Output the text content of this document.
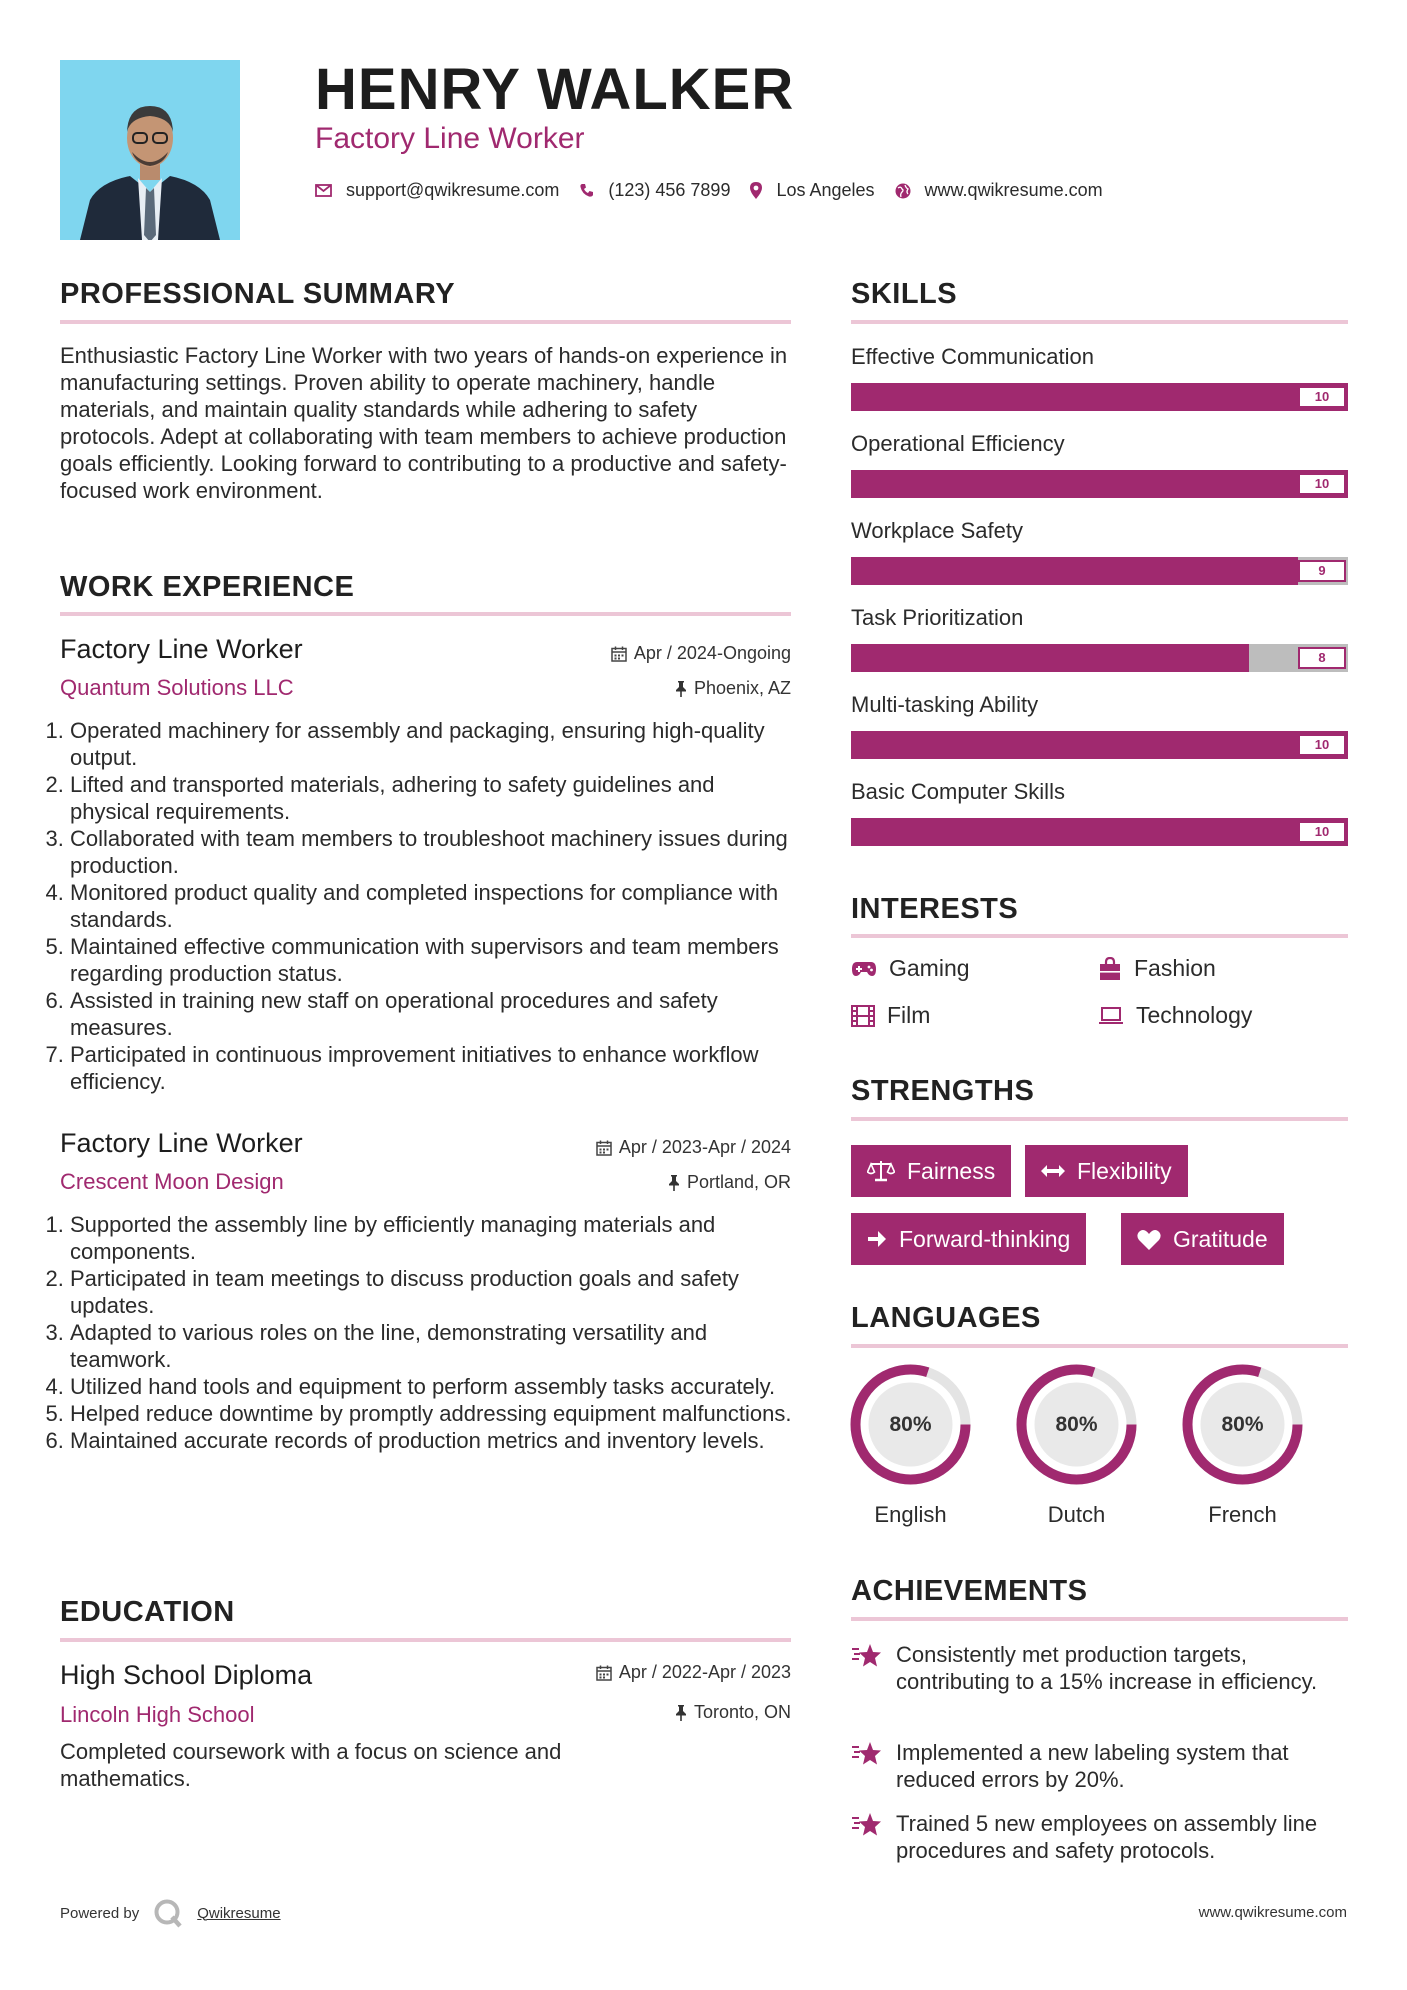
HENRY WALKER
Factory Line Worker
support@qwikresume.com	(123) 456 7899	Los Angeles	www.qwikresume.com
PROFESSIONAL SUMMARY
Enthusiastic Factory Line Worker with two years of hands-on experience in manufacturing settings. Proven ability to operate machinery, handle materials, and maintain quality standards while adhering to safety protocols. Adept at collaborating with team members to achieve production goals efficiently. Looking forward to contributing to a productive and safety-focused work environment.
WORK EXPERIENCE
Factory Line Worker	Apr / 2024-Ongoing
Quantum Solutions LLC	Phoenix, AZ
1. Operated machinery for assembly and packaging, ensuring high-quality output.
2. Lifted and transported materials, adhering to safety guidelines and physical requirements.
3. Collaborated with team members to troubleshoot machinery issues during production.
4. Monitored product quality and completed inspections for compliance with standards.
5. Maintained effective communication with supervisors and team members regarding production status.
6. Assisted in training new staff on operational procedures and safety measures.
7. Participated in continuous improvement initiatives to enhance workflow efficiency.
Factory Line Worker	Apr / 2023-Apr / 2024
Crescent Moon Design	Portland, OR
1. Supported the assembly line by efficiently managing materials and components.
2. Participated in team meetings to discuss production goals and safety updates.
3. Adapted to various roles on the line, demonstrating versatility and teamwork.
4. Utilized hand tools and equipment to perform assembly tasks accurately.
5. Helped reduce downtime by promptly addressing equipment malfunctions.
6. Maintained accurate records of production metrics and inventory levels.
EDUCATION
High School Diploma	Apr / 2022-Apr / 2023
Lincoln High School	Toronto, ON
Completed coursework with a focus on science and mathematics.
SKILLS
Effective Communication
10
Operational Efficiency
10
Workplace Safety
9
Task Prioritization
8
Multi-tasking Ability
10
Basic Computer Skills
10
INTERESTS
Gaming	Fashion
Film	Technology
STRENGTHS
Fairness	Flexibility
Forward-thinking	Gratitude
LANGUAGES
80%
English
80%
Dutch
80%
French
ACHIEVEMENTS
Consistently met production targets, contributing to a 15% increase in efficiency.
Implemented a new labeling system that reduced errors by 20%.
Trained 5 new employees on assembly line procedures and safety protocols.
Powered by	Qwikresume	www.qwikresume.com
